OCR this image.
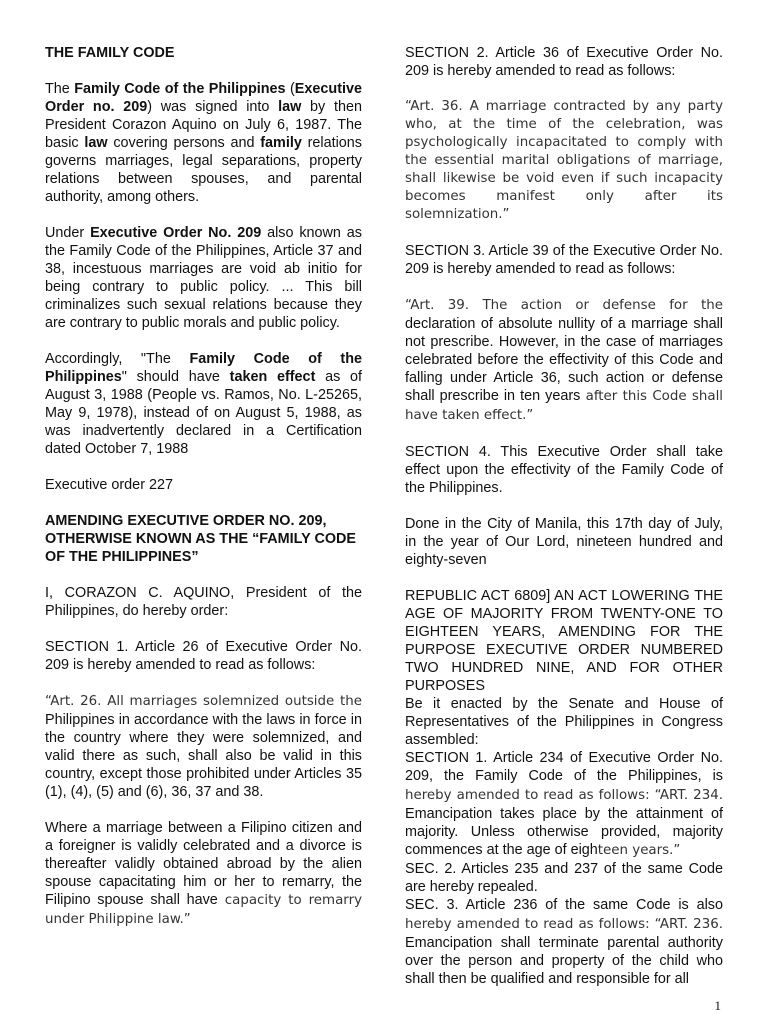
THE FAMILY CODE

The Family Code of the Philippines (Executive Order no. 209) was signed into law by then President Corazon Aquino on July 6, 1987. The basic law covering persons and family relations governs marriages, legal separations, property relations between spouses, and parental authority, among others.

Under Executive Order No. 209 also known as the Family Code of the Philippines, Article 37 and 38, incestuous marriages are void ab initio for being contrary to public policy. ... This bill criminalizes such sexual relations because they are contrary to public morals and public policy.

Accordingly, "The Family Code of the Philippines" should have taken effect as of August 3, 1988 (People vs. Ramos, No. L-25265, May 9, 1978), instead of on August 5, 1988, as was inadvertently declared in a Certification dated October 7, 1988

Executive order 227

AMENDING EXECUTIVE ORDER NO. 209, OTHERWISE KNOWN AS THE “FAMILY CODE OF THE PHILIPPINES”

I, CORAZON C. AQUINO, President of the Philippines, do hereby order:

SECTION 1. Article 26 of Executive Order No. 209 is hereby amended to read as follows:

“Art. 26. All marriages solemnized outside the Philippines in accordance with the laws in force in the country where they were solemnized, and valid there as such, shall also be valid in this country, except those prohibited under Articles 35 (1), (4), (5) and (6), 36, 37 and 38.

Where a marriage between a Filipino citizen and a foreigner is validly celebrated and a divorce is thereafter validly obtained abroad by the alien spouse capacitating him or her to remarry, the Filipino spouse shall have capacity to remarry under Philippine law.”

SECTION 2. Article 36 of Executive Order No. 209 is hereby amended to read as follows:

“Art. 36. A marriage contracted by any party who, at the time of the celebration, was psychologically incapacitated to comply with the essential marital obligations of marriage, shall likewise be void even if such incapacity becomes manifest only after its solemnization.”

SECTION 3. Article 39 of the Executive Order No. 209 is hereby amended to read as follows:

“Art. 39. The action or defense for the declaration of absolute nullity of a marriage shall not prescribe. However, in the case of marriages celebrated before the effectivity of this Code and falling under Article 36, such action or defense shall prescribe in ten years after this Code shall have taken effect.”

SECTION 4. This Executive Order shall take effect upon the effectivity of the Family Code of the Philippines.

Done in the City of Manila, this 17th day of July, in the year of Our Lord, nineteen hundred and eighty-seven

REPUBLIC ACT 6809] AN ACT LOWERING THE AGE OF MAJORITY FROM TWENTY-ONE TO EIGHTEEN YEARS, AMENDING FOR THE PURPOSE EXECUTIVE ORDER NUMBERED TWO HUNDRED NINE, AND FOR OTHER PURPOSES

Be it enacted by the Senate and House of Representatives of the Philippines in Congress assembled:

SECTION 1. Article 234 of Executive Order No. 209, the Family Code of the Philippines, is hereby amended to read as follows: “ART. 234. Emancipation takes place by the attainment of majority. Unless otherwise provided, majority commences at the age of eighteen years.”

SEC. 2. Articles 235 and 237 of the same Code are hereby repealed.

SEC. 3. Article 236 of the same Code is also hereby amended to read as follows: “ART. 236. Emancipation shall terminate parental authority over the person and property of the child who shall then be qualified and responsible for all

1
